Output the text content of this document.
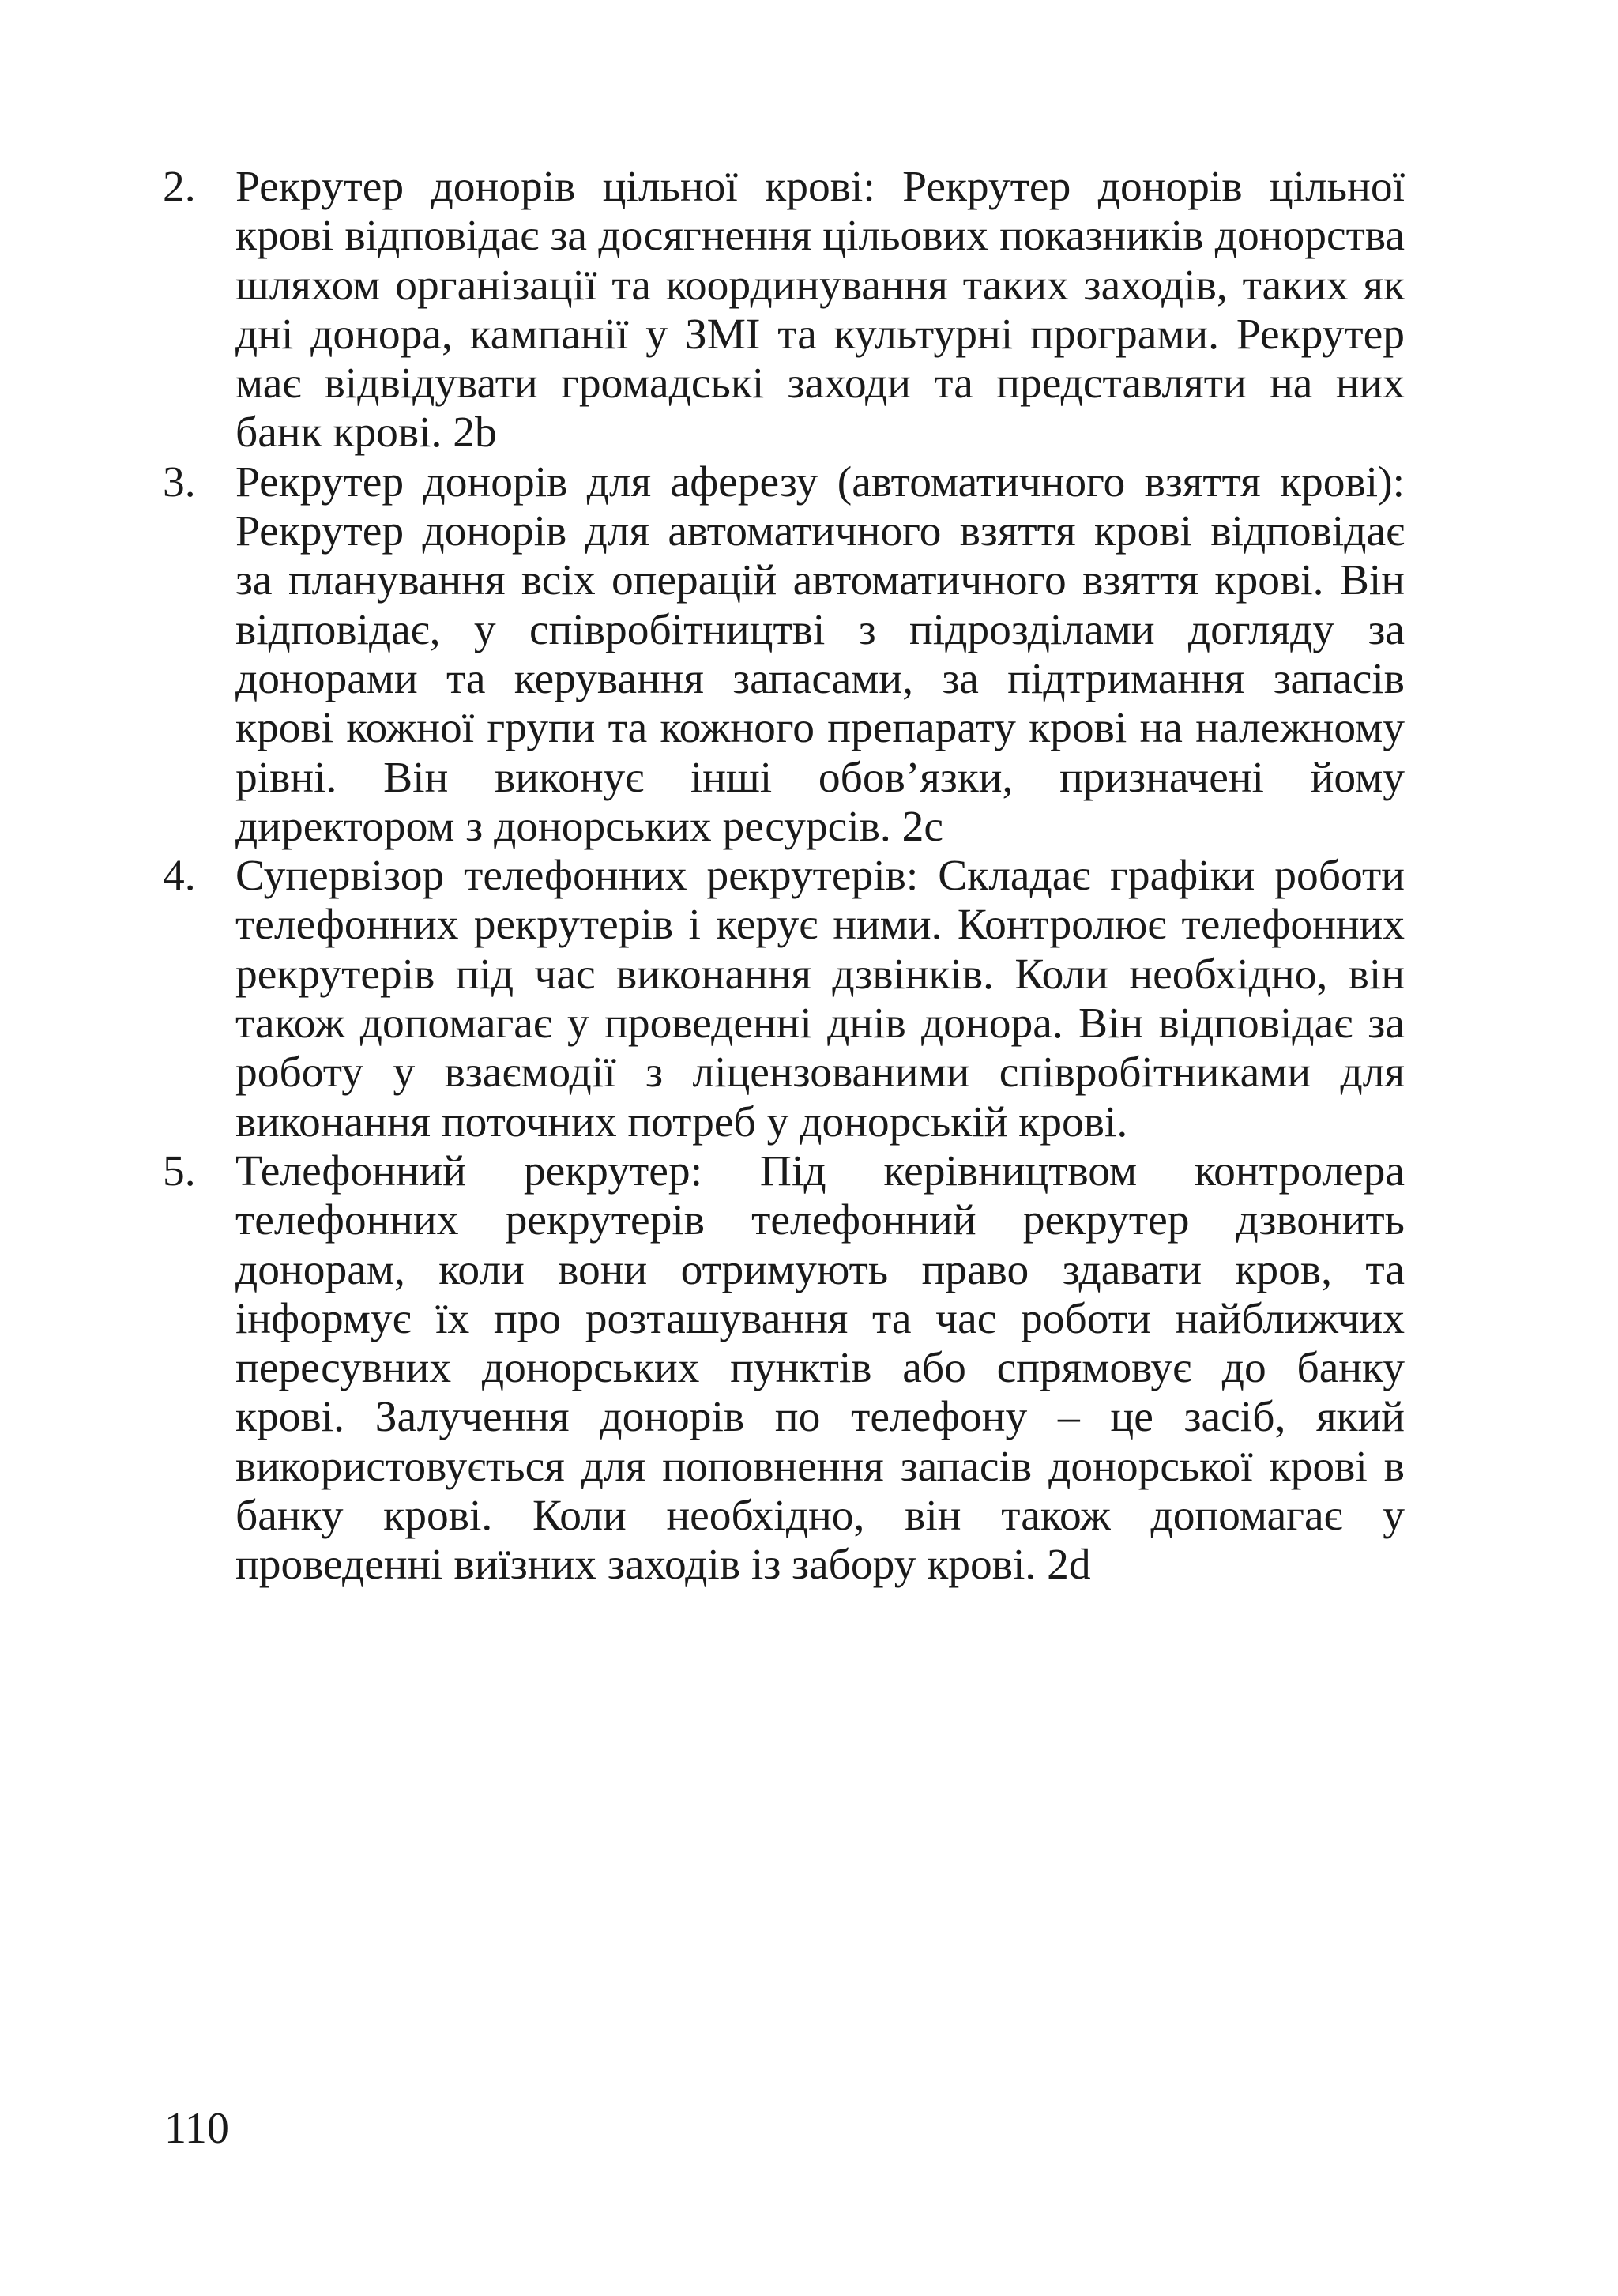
2. Рекрутер донорів цільної крові: Рекрутер донорів цільної крові відповідає за досягнення цільових показників донорства шляхом організації та координування таких заходів, таких як дні донора, кампанії у ЗМІ та культурні програми. Рекрутер має відвідувати громадські заходи та представляти на них банк крові. 2b
3. Рекрутер донорів для аферезу (автоматичного взяття крові): Рекрутер донорів для автоматичного взяття крові відповідає за планування всіх операцій автоматичного взяття крові. Він відповідає, у співробітництві з підрозділами догляду за донорами та керування запасами, за підтримання запасів крові кожної групи та кожного препарату крові на належному рівні. Він виконує інші обов’язки, призначені йому директором з донорських ресурсів. 2c
4. Супервізор телефонних рекрутерів: Складає графіки роботи телефонних рекрутерів і керує ними. Контролює телефонних рекрутерів під час виконання дзвінків. Коли необхідно, він також допомагає у проведенні днів донора. Він відповідає за роботу у взаємодії з ліцензованими співробітниками для виконання поточних потреб у донорській крові.
5. Телефонний рекрутер: Під керівництвом контролера телефонних рекрутерів телефонний рекрутер дзвонить донорам, коли вони отримують право здавати кров, та інформує їх про розташування та час роботи найближчих пересувних донорських пунктів або спрямовує до банку крові. Залучення донорів по телефону – це засіб, який використовується для поповнення запасів донорської крові в банку крові. Коли необхідно, він також допомагає у проведенні виїзних заходів із забору крові. 2d
110
